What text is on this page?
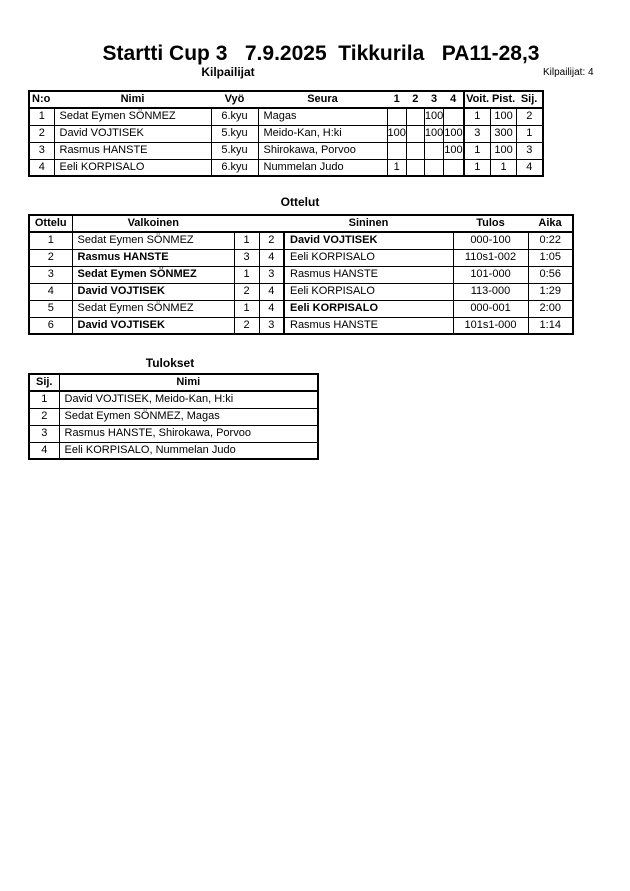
Startti Cup 3   7.9.2025  Tikkurila   PA11-28,3
Kilpailijat	Kilpailijat: 4
N:o	Nimi	Vyö	Seura	1	2	3	4	Voit.	Pist.	Sij.
1	Sedat Eymen SÖNMEZ	6.kyu	Magas			100		1	100	2
2	David VOJTISEK	5.kyu	Meido-Kan, H:ki	100		100	100	3	300	1
3	Rasmus HANSTE	5.kyu	Shirokawa, Porvoo				100	1	100	3
4	Eeli KORPISALO	6.kyu	Nummelan Judo	1				1	1	4
Ottelut
Ottelu	Valkoinen			Sininen	Tulos	Aika
1	Sedat Eymen SÖNMEZ	1	2	David VOJTISEK	000-100	0:22
2	Rasmus HANSTE	3	4	Eeli KORPISALO	110s1-002	1:05
3	Sedat Eymen SÖNMEZ	1	3	Rasmus HANSTE	101-000	0:56
4	David VOJTISEK	2	4	Eeli KORPISALO	113-000	1:29
5	Sedat Eymen SÖNMEZ	1	4	Eeli KORPISALO	000-001	2:00
6	David VOJTISEK	2	3	Rasmus HANSTE	101s1-000	1:14
Tulokset
Sij.	Nimi
1	David VOJTISEK, Meido-Kan, H:ki
2	Sedat Eymen SÖNMEZ, Magas
3	Rasmus HANSTE, Shirokawa, Porvoo
4	Eeli KORPISALO, Nummelan Judo
